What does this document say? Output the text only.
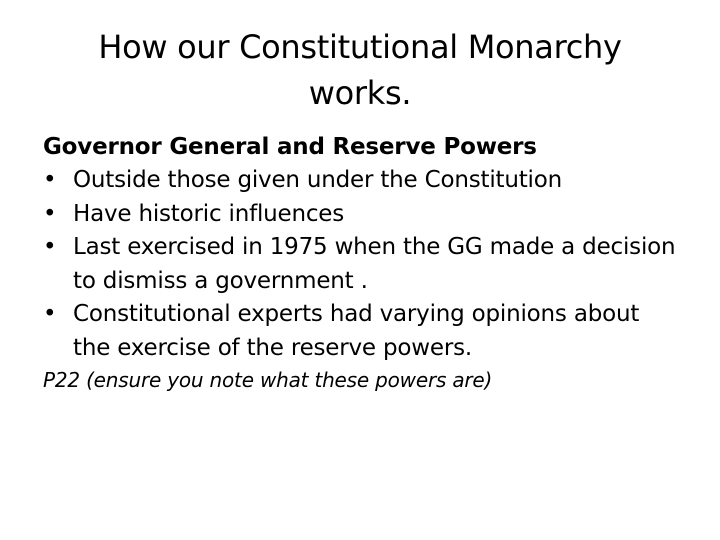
How our Constitutional Monarchy works.
Governor General and Reserve Powers
• Outside those given under the Constitution
• Have historic influences
• Last exercised in 1975 when the GG made a decision to dismiss a government .
• Constitutional experts had varying opinions about the exercise of the reserve powers.
P22 (ensure you note what these powers are)
